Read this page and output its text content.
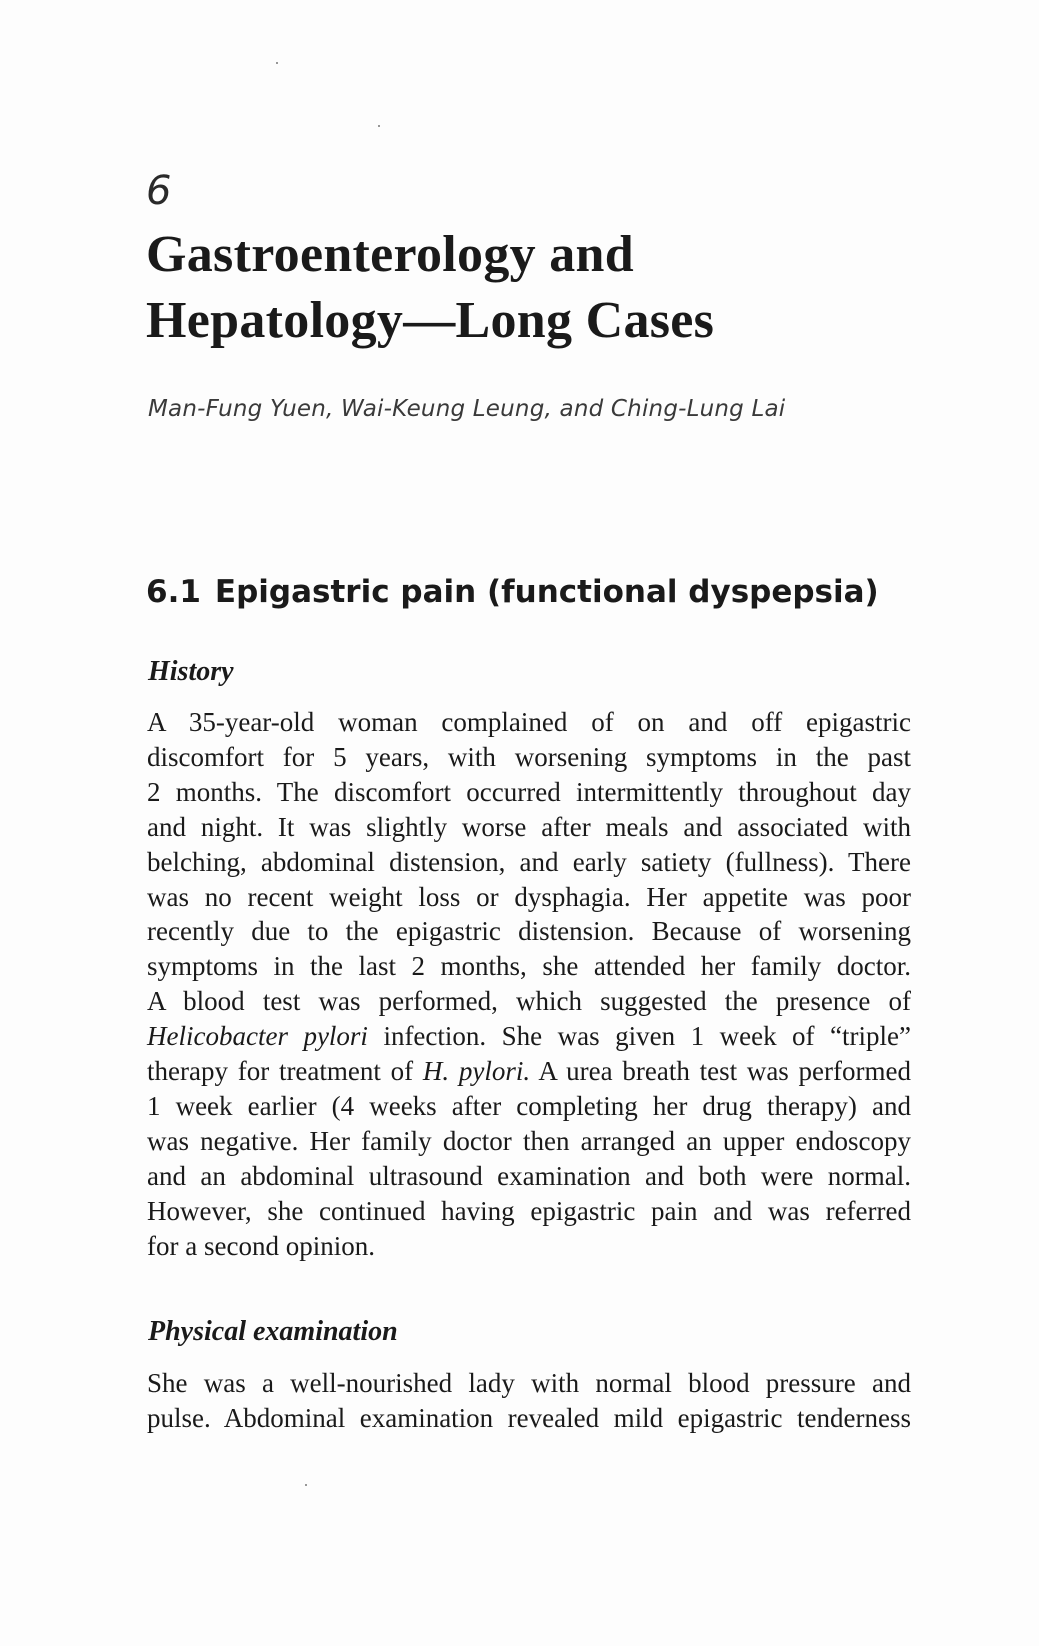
6
Gastroenterology and
Hepatology—Long Cases
Man-Fung Yuen, Wai-Keung Leung, and Ching-Lung Lai
6.1 Epigastric pain (functional dyspepsia)
History
A 35-year-old woman complained of on and off epigastric
discomfort for 5 years, with worsening symptoms in the past
2 months. The discomfort occurred intermittently throughout day
and night. It was slightly worse after meals and associated with
belching, abdominal distension, and early satiety (fullness). There
was no recent weight loss or dysphagia. Her appetite was poor
recently due to the epigastric distension. Because of worsening
symptoms in the last 2 months, she attended her family doctor.
A blood test was performed, which suggested the presence of
Helicobacter pylori infection. She was given 1 week of “triple”
therapy for treatment of H. pylori. A urea breath test was performed
1 week earlier (4 weeks after completing her drug therapy) and
was negative. Her family doctor then arranged an upper endoscopy
and an abdominal ultrasound examination and both were normal.
However, she continued having epigastric pain and was referred
for a second opinion.
Physical examination
She was a well-nourished lady with normal blood pressure and
pulse. Abdominal examination revealed mild epigastric tenderness
